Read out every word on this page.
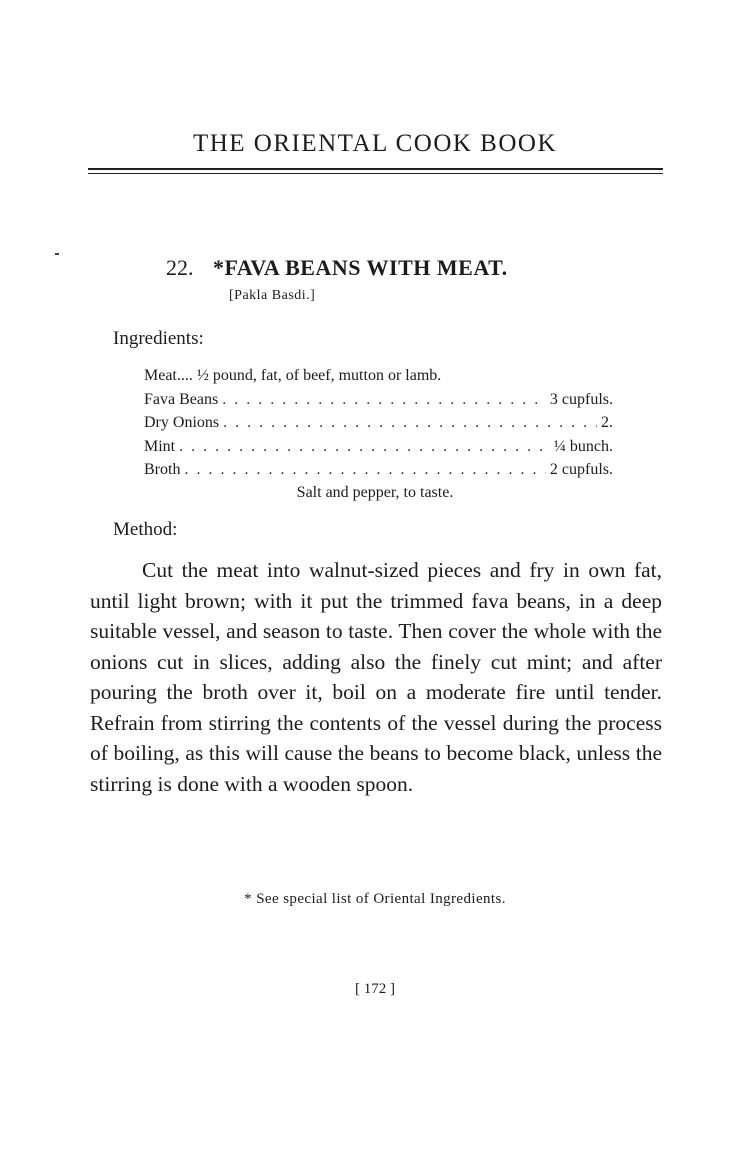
THE ORIENTAL COOK BOOK
22. *FAVA BEANS WITH MEAT.
[Pakla Basdi.]
Ingredients:
Meat.... ½ pound, fat, of beef, mutton or lamb.
Fava Beans . . .	3 cupfuls.
Dry Onions . . .	2.
Mint . . .	¼ bunch.
Broth . . .	2 cupfuls.
Salt and pepper, to taste.
Method:

Cut the meat into walnut-sized pieces and fry in own fat, until light brown; with it put the trimmed fava beans, in a deep suitable vessel, and season to taste. Then cover the whole with the onions cut in slices, adding also the finely cut mint; and after pouring the broth over it, boil on a moderate fire until tender. Refrain from stirring the contents of the vessel during the process of boiling, as this will cause the beans to become black, unless the stirring is done with a wooden spoon.

* See special list of Oriental Ingredients.
[ 172 ]
